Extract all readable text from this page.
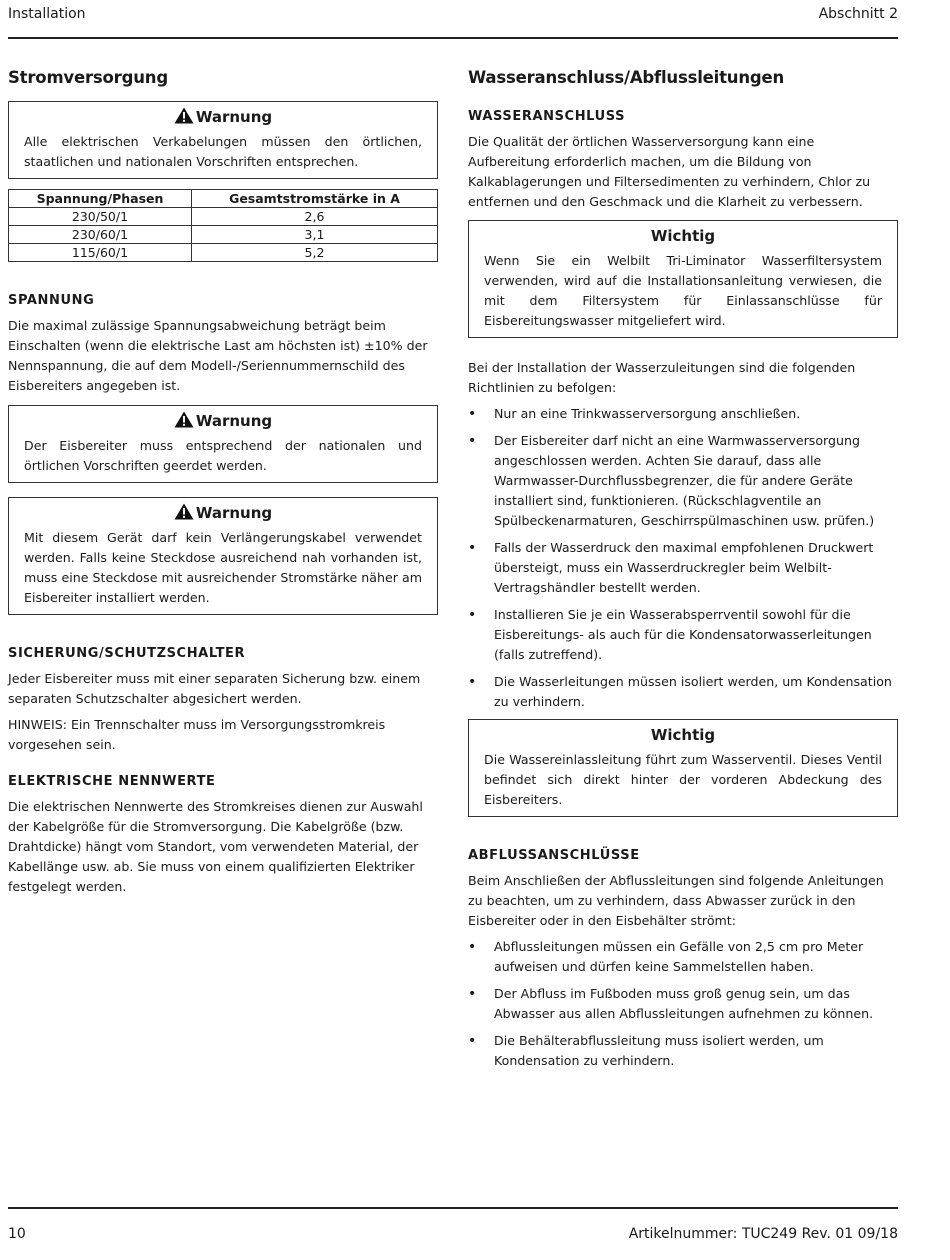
Installation	Abschnitt 2
Stromversorgung
Warnung

Alle elektrischen Verkabelungen müssen den örtlichen, staatlichen und nationalen Vorschriften entsprechen.

Spannung/Phasen	Gesamtstromstärke in A
230/50/1	2,6
230/60/1	3,1
115/60/1	5,2
SPANNUNG

Die maximal zulässige Spannungsabweichung beträgt beim Einschalten (wenn die elektrische Last am höchsten ist) ±10% der Nennspannung, die auf dem Modell-/Seriennummernschild des Eisbereiters angegeben ist.

Warnung

Der Eisbereiter muss entsprechend der nationalen und örtlichen Vorschriften geerdet werden.

Warnung

Mit diesem Gerät darf kein Verlängerungskabel verwendet werden. Falls keine Steckdose ausreichend nah vorhanden ist, muss eine Steckdose mit ausreichender Stromstärke näher am Eisbereiter installiert werden.

SICHERUNG/SCHUTZSCHALTER

Jeder Eisbereiter muss mit einer separaten Sicherung bzw. einem separaten Schutzschalter abgesichert werden.

HINWEIS: Ein Trennschalter muss im Versorgungsstromkreis vorgesehen sein.

ELEKTRISCHE NENNWERTE

Die elektrischen Nennwerte des Stromkreises dienen zur Auswahl der Kabelgröße für die Stromversorgung. Die Kabelgröße (bzw. Drahtdicke) hängt vom Standort, vom verwendeten Material, der Kabellänge usw. ab. Sie muss von einem qualifizierten Elektriker festgelegt werden.

Wasseranschluss/Abflussleitungen
WASSERANSCHLUSS

Die Qualität der örtlichen Wasserversorgung kann eine Aufbereitung erforderlich machen, um die Bildung von Kalkablagerungen und Filtersedimenten zu verhindern, Chlor zu entfernen und den Geschmack und die Klarheit zu verbessern.

Wichtig

Wenn Sie ein Welbilt Tri-Liminator Wasserfiltersystem verwenden, wird auf die Installationsanleitung verwiesen, die mit dem Filtersystem für Einlassanschlüsse für Eisbereitungswasser mitgeliefert wird.

Bei der Installation der Wasserzuleitungen sind die folgenden Richtlinien zu befolgen:

• Nur an eine Trinkwasserversorgung anschließen.
• Der Eisbereiter darf nicht an eine Warmwasserversorgung angeschlossen werden. Achten Sie darauf, dass alle Warmwasser-Durchflussbegrenzer, die für andere Geräte installiert sind, funktionieren. (Rückschlagventile an Spülbeckenarmaturen, Geschirrspülmaschinen usw. prüfen.)
• Falls der Wasserdruck den maximal empfohlenen Druckwert übersteigt, muss ein Wasserdruckregler beim Welbilt-Vertragshändler bestellt werden.
• Installieren Sie je ein Wasserabsperrventil sowohl für die Eisbereitungs- als auch für die Kondensatorwasserleitungen (falls zutreffend).
• Die Wasserleitungen müssen isoliert werden, um Kondensation zu verhindern.
Wichtig

Die Wassereinlassleitung führt zum Wasserventil. Dieses Ventil befindet sich direkt hinter der vorderen Abdeckung des Eisbereiters.

ABFLUSSANSCHLÜSSE

Beim Anschließen der Abflussleitungen sind folgende Anleitungen zu beachten, um zu verhindern, dass Abwasser zurück in den Eisbereiter oder in den Eisbehälter strömt:

• Abflussleitungen müssen ein Gefälle von 2,5 cm pro Meter aufweisen und dürfen keine Sammelstellen haben.
• Der Abfluss im Fußboden muss groß genug sein, um das Abwasser aus allen Abflussleitungen aufnehmen zu können.
• Die Behälterabflussleitung muss isoliert werden, um Kondensation zu verhindern.
10	Artikelnummer: TUC249 Rev. 01 09/18
